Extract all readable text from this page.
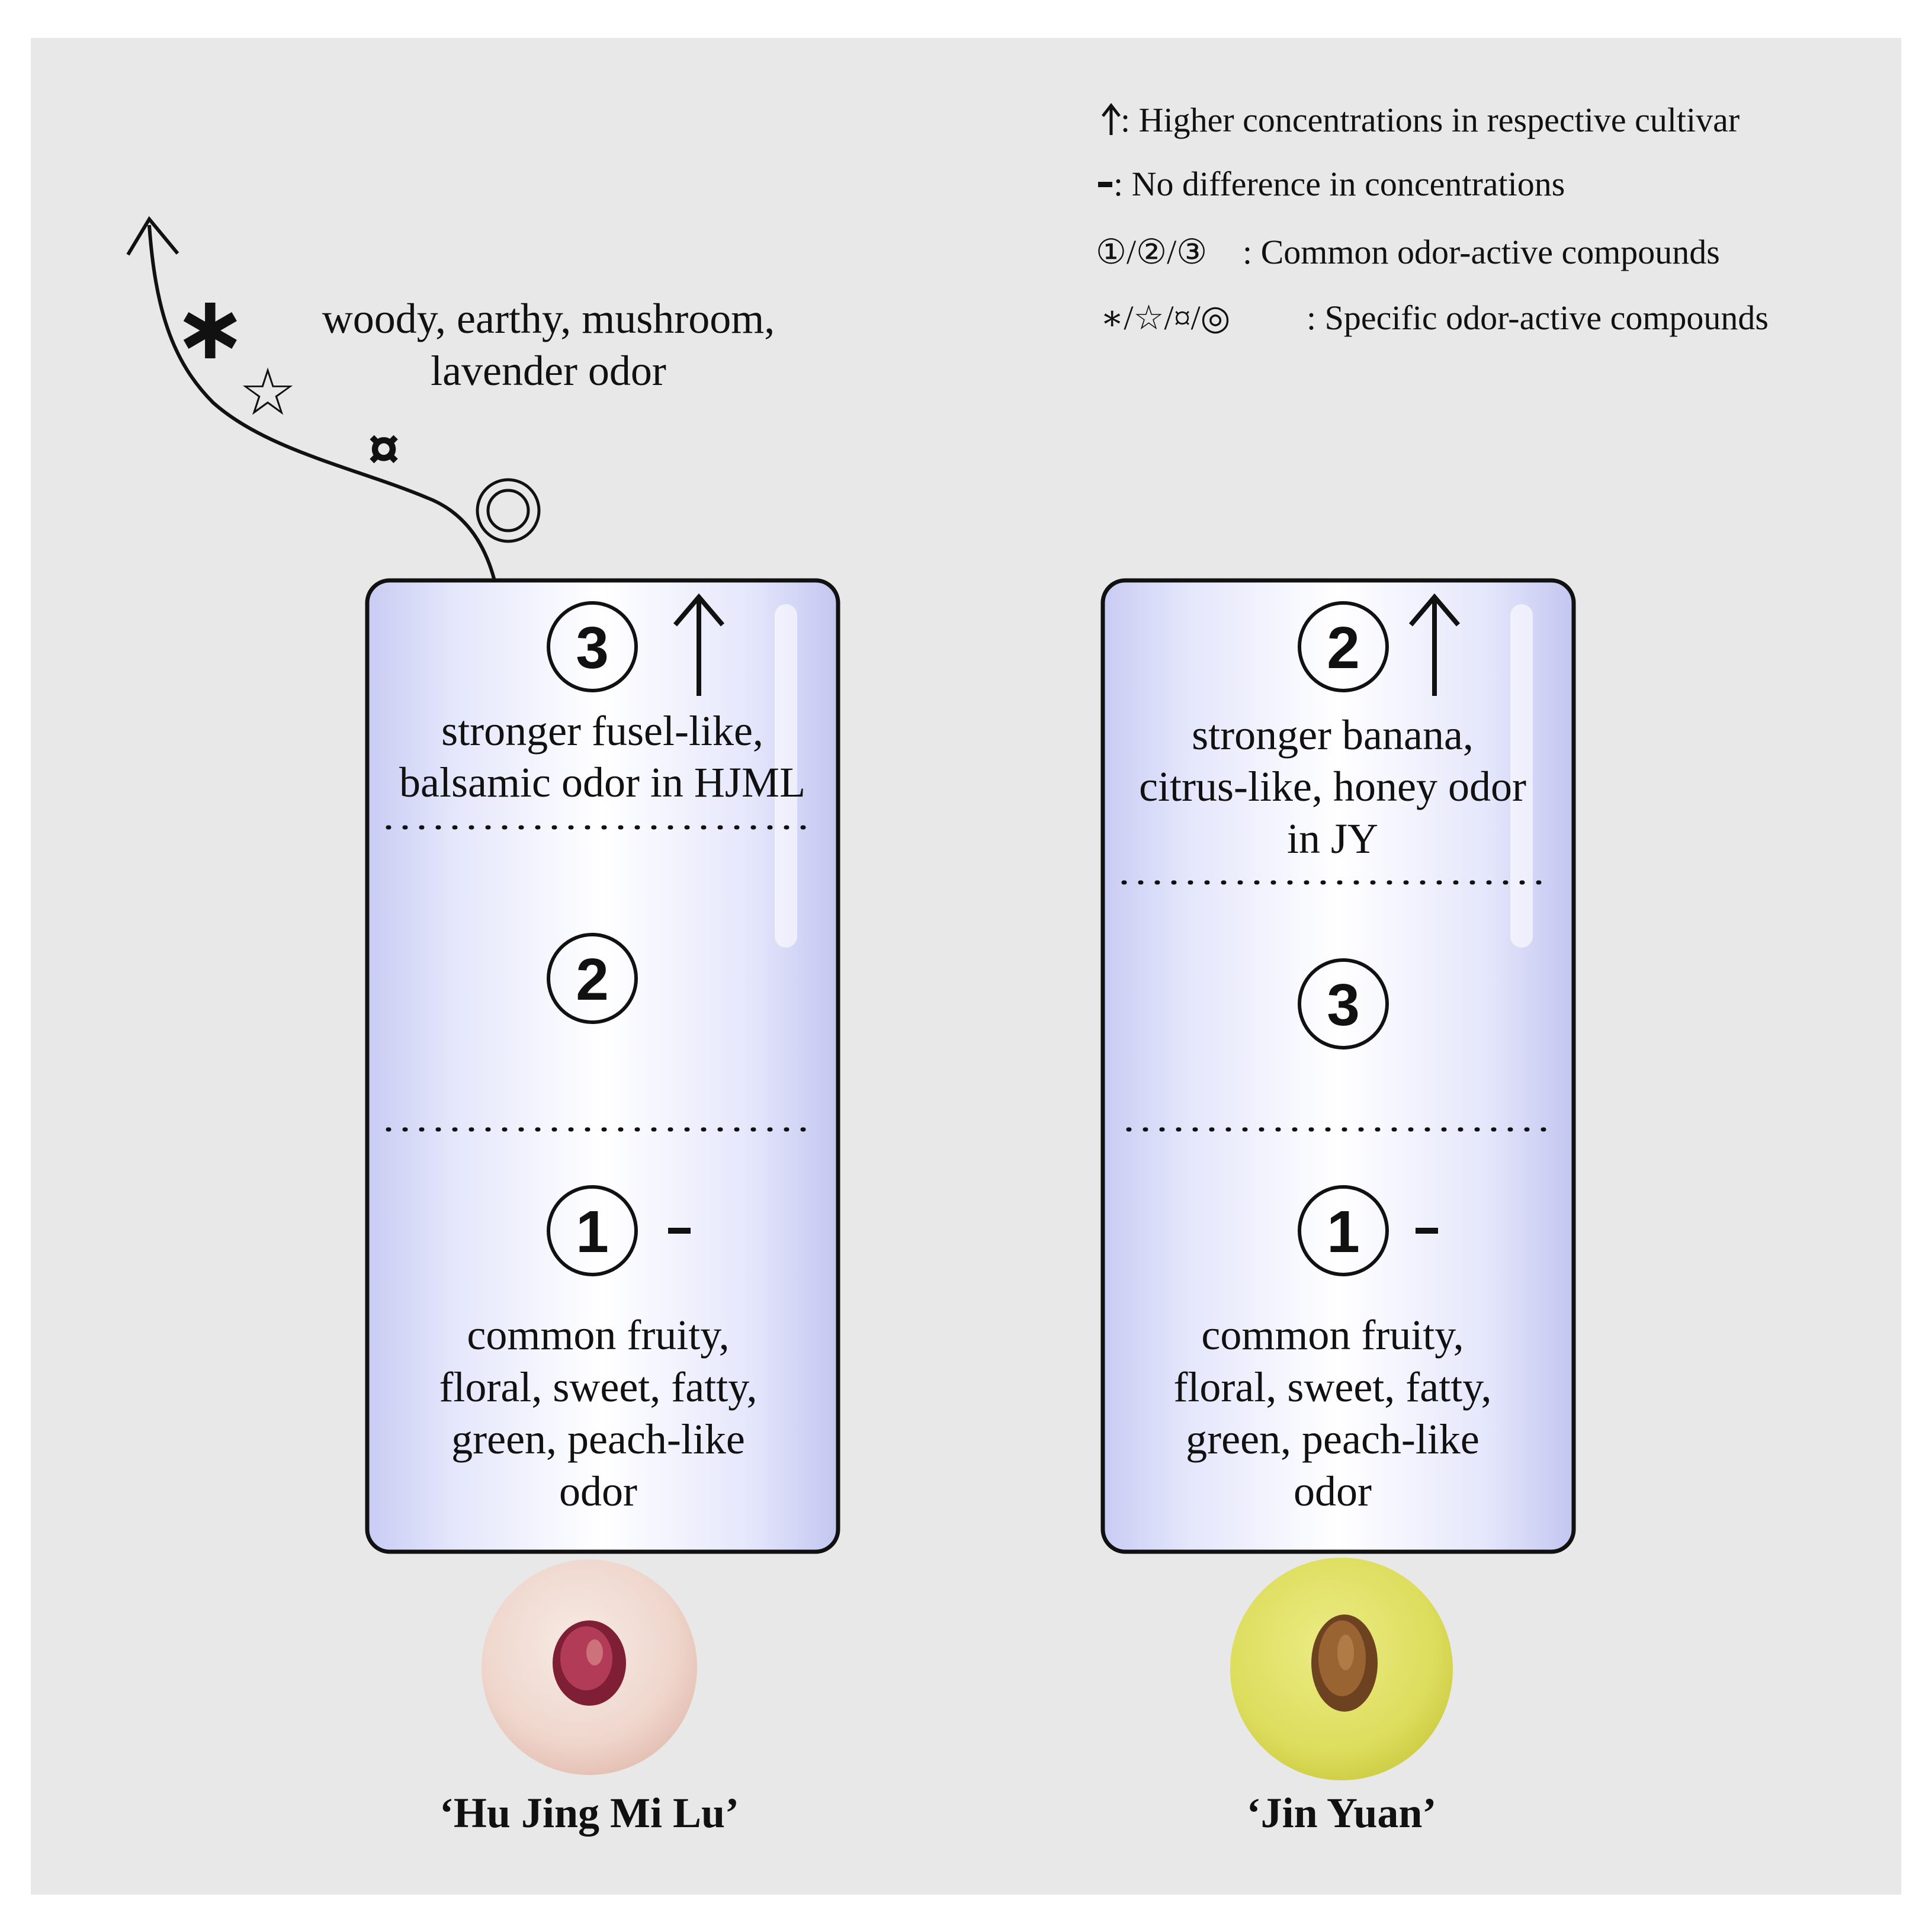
: Higher concentrations in respective cultivar
: No difference in concentrations
①/②/③ : Common odor-active compounds
∗/☆/¤/◎ : Specific odor-active compounds
∗
☆
¤
woody, earthy, mushroom,
lavender odor
3
stronger fusel-like,
balsamic odor in HJML
2
1
common fruity,
floral, sweet, fatty,
green, peach-like
odor
‘Hu Jing Mi Lu’
2
stronger banana,
citrus-like, honey odor
in JY
3
1
common fruity,
floral, sweet, fatty,
green, peach-like
odor
‘Jin Yuan’
